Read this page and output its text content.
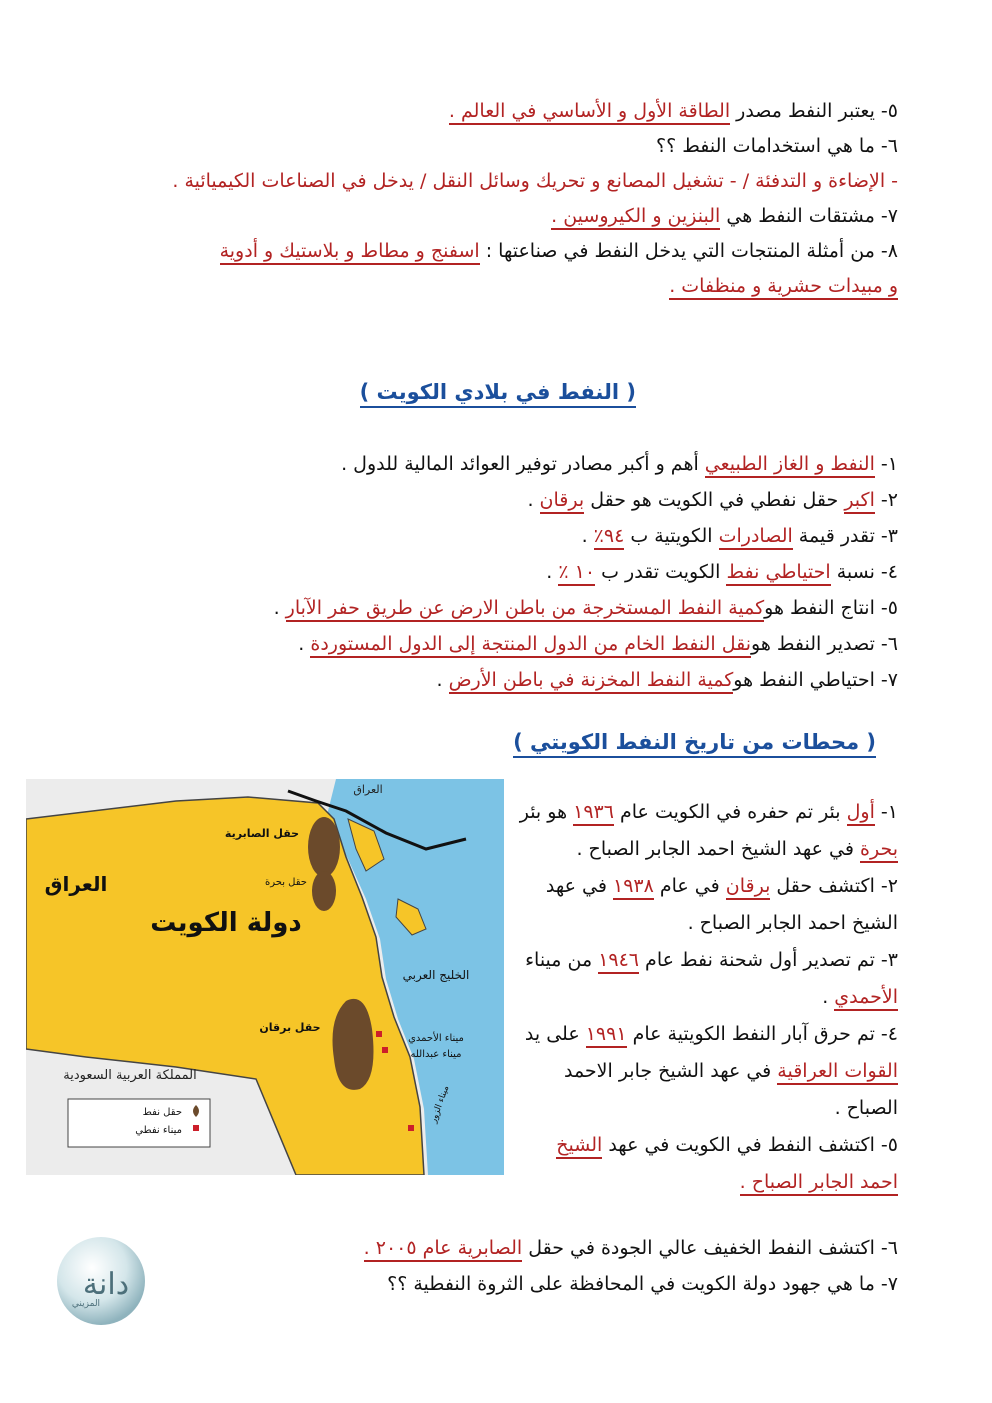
٥- يعتبر النفط مصدر الطاقة الأول و الأساسي في العالم .
٦- ما هي استخدامات النفط ؟؟
- الإضاءة و التدفئة / - تشغيل المصانع و تحريك وسائل النقل / يدخل في الصناعات الكيميائية .
٧- مشتقات النفط هي البنزين و الكيروسين .
٨- من أمثلة المنتجات التي يدخل النفط في صناعتها : اسفنج و مطاط و بلاستيك و أدوية
و مبيدات حشرية و منظفات .
( النفط في بلادي الكويت )
١- النفط و الغاز الطبيعي أهم و أكبر مصادر توفير العوائد المالية للدول .
٢- اكبر حقل نفطي في الكويت هو حقل برقان .
٣- تقدر قيمة الصادرات الكويتية ب ٩٤٪ .
٤- نسبة احتياطي نفط الكويت تقدر ب ١٠ ٪ .
٥- انتاج النفط هوكمية النفط المستخرجة من باطن الارض عن طريق حفر الآبار .
٦- تصدير النفط هونقل النفط الخام من الدول المنتجة إلى الدول المستوردة .
٧- احتياطي النفط هوكمية النفط المخزنة في باطن الأرض .
( محطات من تاريخ النفط الكويتي )
١- أول بئر تم حفره في الكويت عام ١٩٣٦ هو بئر بحرة في عهد الشيخ احمد الجابر الصباح .
٢- اكتشف حقل برقان في عام ١٩٣٨ في عهد الشيخ احمد الجابر الصباح .
٣- تم تصدير أول شحنة نفط عام ١٩٤٦ من ميناء الأحمدي .
٤- تم حرق آبار النفط الكويتية عام ١٩٩١ على يد القوات العراقية في عهد الشيخ جابر الاحمد الصباح .
٥- اكتشف النفط في الكويت في عهد الشيخ احمد الجابر الصباح .
٦- اكتشف النفط الخفيف عالي الجودة في حقل الصابرية عام ٢٠٠٥ .
٧- ما هي جهود دولة الكويت في المحافظة على الثروة النفطية ؟؟
العراق
العراق
دولة الكويت
حقل الصابرية
حقل بحرة
الخليج العربي
حقل برقان
ميناء الأحمدي
ميناء عبدالله
ميناء الزور
المملكة العربية السعودية
حقل نفط
ميناء نفطي
دانة
المزيني
